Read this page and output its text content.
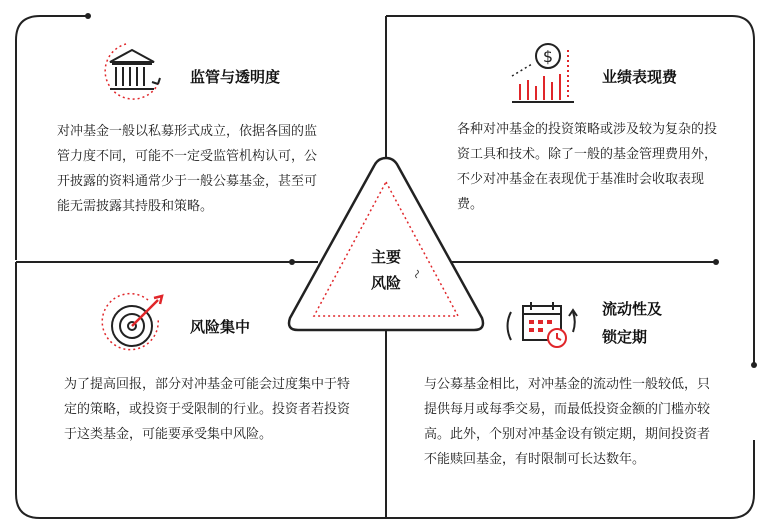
$
监管与透明度	业绩表现费
风险集中
流动性及
锁定期
对冲基金一般以私募形式成立，依据各国的监管力度不同，可能不一定受监管机构认可，公开披露的资料通常少于一般公募基金，甚至可能无需披露其持股和策略。
各种对冲基金的投资策略或涉及较为复杂的投资工具和技术。除了一般的基金管理费用外，不少对冲基金在表现优于基准时会收取表现费。
为了提高回报，部分对冲基金可能会过度集中于特定的策略，或投资于受限制的行业。投资者若投资于这类基金，可能要承受集中风险。
与公募基金相比，对冲基金的流动性一般较低，只提供每月或每季交易，而最低投资金额的门槛亦较高。此外，个别对冲基金设有锁定期，期间投资者不能赎回基金，有时限制可长达数年。
主要
风险
